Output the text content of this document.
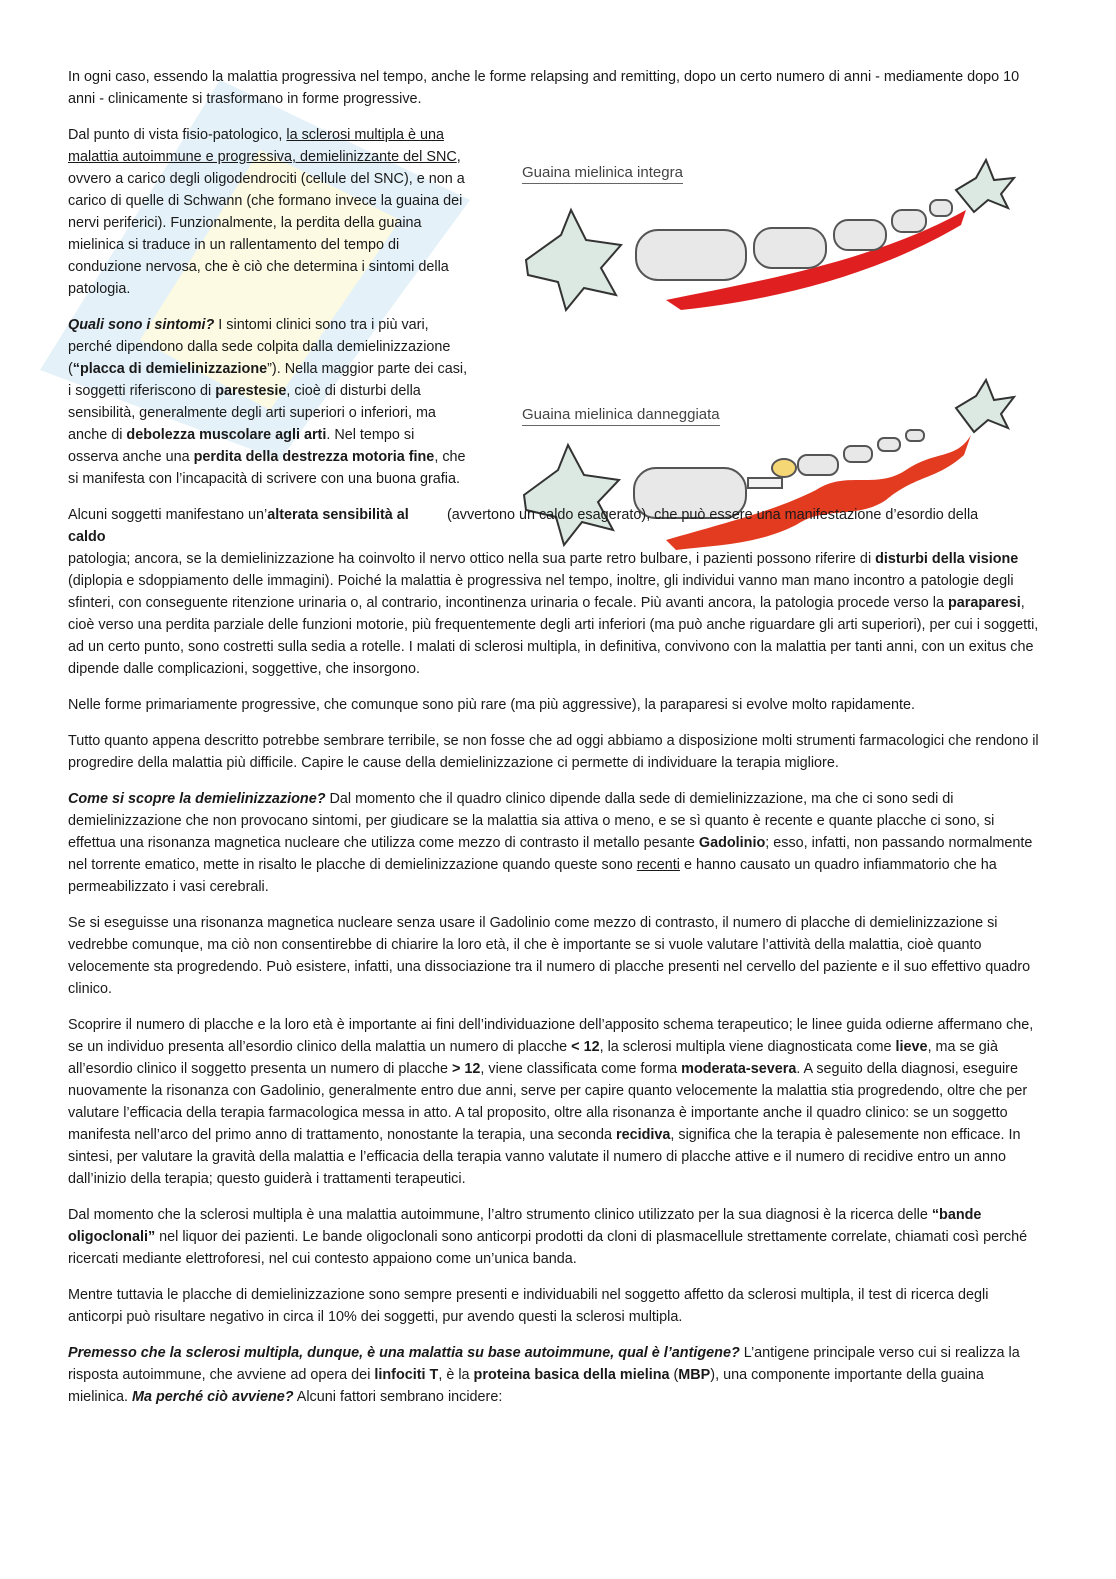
Guaina mielinica integra
Guaina mielinica danneggiata

In ogni caso, essendo la malattia progressiva nel tempo, anche le forme relapsing and remitting, dopo un certo numero di anni - mediamente dopo 10 anni - clinicamente si trasformano in forme progressive.

Dal punto di vista fisio-patologico, la sclerosi multipla è una malattia autoimmune e progressiva, demielinizzante del SNC, ovvero a carico degli oligodendrociti (cellule del SNC), e non a carico di quelle di Schwann (che formano invece la guaina dei nervi periferici). Funzionalmente, la perdita della guaina mielinica si traduce in un rallentamento del tempo di conduzione nervosa, che è ciò che determina i sintomi della patologia.

Quali sono i sintomi? I sintomi clinici sono tra i più vari, perché dipendono dalla sede colpita dalla demielinizzazione (“placca di demielinizzazione”). Nella maggior parte dei casi, i soggetti riferiscono di parestesie, cioè di disturbi della sensibilità, generalmente degli arti superiori o inferiori, ma anche di debolezza muscolare agli arti. Nel tempo si osserva anche una perdita della destrezza motoria fine, che si manifesta con l’incapacità di scrivere con una buona grafia.

Alcuni soggetti manifestano un’alterata sensibilità al caldo (avvertono un caldo esagerato), che può essere una manifestazione d’esordio della patologia; ancora, se la demielinizzazione ha coinvolto il nervo ottico nella sua parte retro bulbare, i pazienti possono riferire di disturbi della visione (diplopia e sdoppiamento delle immagini). Poiché la malattia è progressiva nel tempo, inoltre, gli individui vanno man mano incontro a patologie degli sfinteri, con conseguente ritenzione urinaria o, al contrario, incontinenza urinaria o fecale. Più avanti ancora, la patologia procede verso la paraparesi, cioè verso una perdita parziale delle funzioni motorie, più frequentemente degli arti inferiori (ma può anche riguardare gli arti superiori), per cui i soggetti, ad un certo punto, sono costretti sulla sedia a rotelle. I malati di sclerosi multipla, in definitiva, convivono con la malattia per tanti anni, con un exitus che dipende dalle complicazioni, soggettive, che insorgono.

Nelle forme primariamente progressive, che comunque sono più rare (ma più aggressive), la paraparesi si evolve molto rapidamente.

Tutto quanto appena descritto potrebbe sembrare terribile, se non fosse che ad oggi abbiamo a disposizione molti strumenti farmacologici che rendono il progredire della malattia più difficile. Capire le cause della demielinizzazione ci permette di individuare la terapia migliore.

Come si scopre la demielinizzazione? Dal momento che il quadro clinico dipende dalla sede di demielinizzazione, ma che ci sono sedi di demielinizzazione che non provocano sintomi, per giudicare se la malattia sia attiva o meno, e se sì quanto è recente e quante placche ci sono, si effettua una risonanza magnetica nucleare che utilizza come mezzo di contrasto il metallo pesante Gadolinio; esso, infatti, non passando normalmente nel torrente ematico, mette in risalto le placche di demielinizzazione quando queste sono recenti e hanno causato un quadro infiammatorio che ha permeabilizzato i vasi cerebrali.

Se si eseguisse una risonanza magnetica nucleare senza usare il Gadolinio come mezzo di contrasto, il numero di placche di demielinizzazione si vedrebbe comunque, ma ciò non consentirebbe di chiarire la loro età, il che è importante se si vuole valutare l’attività della malattia, cioè quanto velocemente sta progredendo. Può esistere, infatti, una dissociazione tra il numero di placche presenti nel cervello del paziente e il suo effettivo quadro clinico.

Scoprire il numero di placche e la loro età è importante ai fini dell’individuazione dell’apposito schema terapeutico; le linee guida odierne affermano che, se un individuo presenta all’esordio clinico della malattia un numero di placche < 12, la sclerosi multipla viene diagnosticata come lieve, ma se già all’esordio clinico il soggetto presenta un numero di placche > 12, viene classificata come forma moderata-severa. A seguito della diagnosi, eseguire nuovamente la risonanza con Gadolinio, generalmente entro due anni, serve per capire quanto velocemente la malattia stia progredendo, oltre che per valutare l’efficacia della terapia farmacologica messa in atto. A tal proposito, oltre alla risonanza è importante anche il quadro clinico: se un soggetto manifesta nell’arco del primo anno di trattamento, nonostante la terapia, una seconda recidiva, significa che la terapia è palesemente non efficace. In sintesi, per valutare la gravità della malattia e l’efficacia della terapia vanno valutate il numero di placche attive e il numero di recidive entro un anno dall’inizio della terapia; questo guiderà i trattamenti terapeutici.

Dal momento che la sclerosi multipla è una malattia autoimmune, l’altro strumento clinico utilizzato per la sua diagnosi è la ricerca delle “bande oligoclonali” nel liquor dei pazienti. Le bande oligoclonali sono anticorpi prodotti da cloni di plasmacellule strettamente correlate, chiamati così perché ricercati mediante elettroforesi, nel cui contesto appaiono come un’unica banda.

Mentre tuttavia le placche di demielinizzazione sono sempre presenti e individuabili nel soggetto affetto da sclerosi multipla, il test di ricerca degli anticorpi può risultare negativo in circa il 10% dei soggetti, pur avendo questi la sclerosi multipla.

Premesso che la sclerosi multipla, dunque, è una malattia su base autoimmune, qual è l’antigene? L’antigene principale verso cui si realizza la risposta autoimmune, che avviene ad opera dei linfociti T, è la proteina basica della mielina (MBP), una componente importante della guaina mielinica. Ma perché ciò avviene? Alcuni fattori sembrano incidere:
